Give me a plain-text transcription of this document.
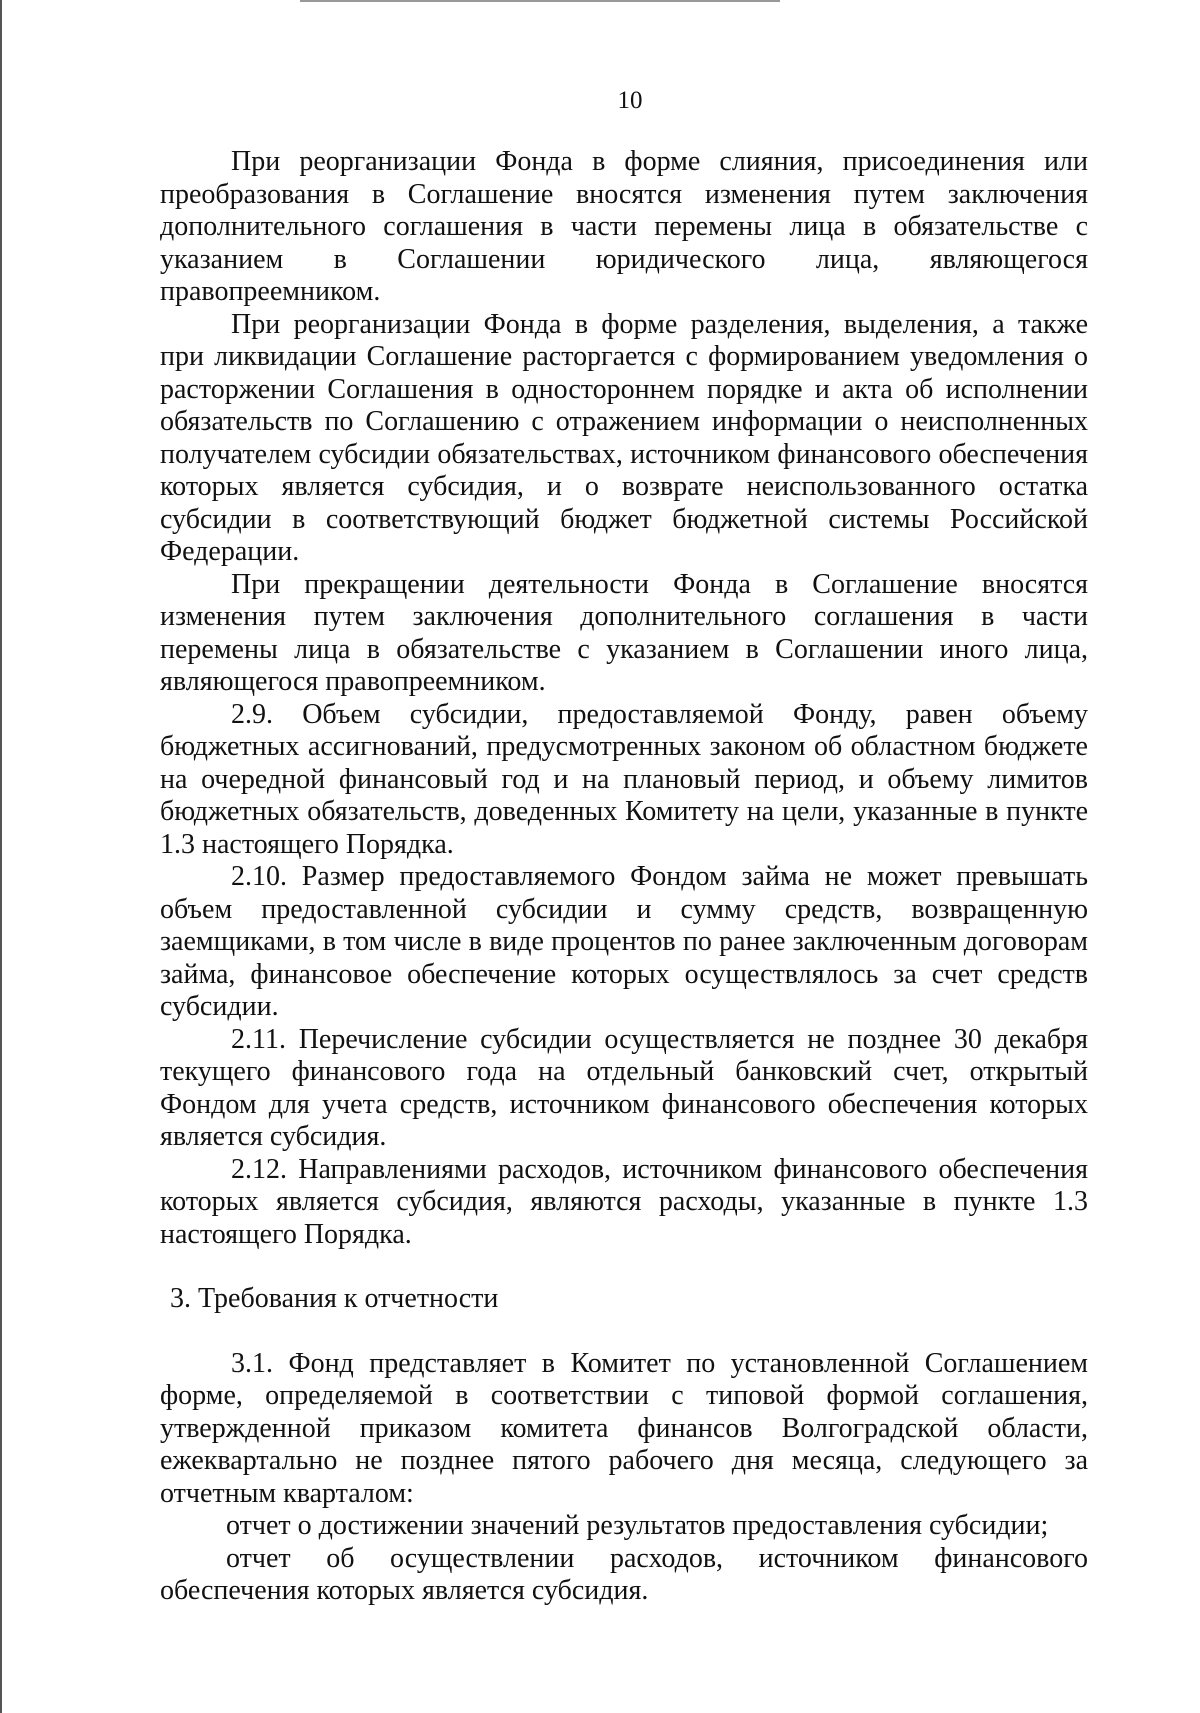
10

При реорганизации Фонда в форме слияния, присоединения или преобразования в Соглашение вносятся изменения путем заключения дополнительного соглашения в части перемены лица в обязательстве с указанием в Соглашении юридического лица, являющегося правопреемником.

При реорганизации Фонда в форме разделения, выделения, а также при ликвидации Соглашение расторгается с формированием уведомления о расторжении Соглашения в одностороннем порядке и акта об исполнении обязательств по Соглашению с отражением информации о неисполненных получателем субсидии обязательствах, источником финансового обеспечения которых является субсидия, и о возврате неиспользованного остатка субсидии в соответствующий бюджет бюджетной системы Российской Федерации.

При прекращении деятельности Фонда в Соглашение вносятся изменения путем заключения дополнительного соглашения в части перемены лица в обязательстве с указанием в Соглашении иного лица, являющегося правопреемником.

2.9. Объем субсидии, предоставляемой Фонду, равен объему бюджетных ассигнований, предусмотренных законом об областном бюджете на очередной финансовый год и на плановый период, и объему лимитов бюджетных обязательств, доведенных Комитету на цели, указанные в пункте 1.3 настоящего Порядка.

2.10. Размер предоставляемого Фондом займа не может превышать объем предоставленной субсидии и сумму средств, возвращенную заемщиками, в том числе в виде процентов по ранее заключенным договорам займа, финансовое обеспечение которых осуществлялось за счет средств субсидии.

2.11. Перечисление субсидии осуществляется не позднее 30 декабря текущего финансового года на отдельный банковский счет, открытый Фондом для учета средств, источником финансового обеспечения которых является субсидия.

2.12. Направлениями расходов, источником финансового обеспечения которых является субсидия, являются расходы, указанные в пункте 1.3 настоящего Порядка.

3. Требования к отчетности

3.1. Фонд представляет в Комитет по установленной Соглашением форме, определяемой в соответствии с типовой формой соглашения, утвержденной приказом комитета финансов Волгоградской области, ежеквартально не позднее пятого рабочего дня месяца, следующего за отчетным кварталом:

отчет о достижении значений результатов предоставления субсидии;

отчет об осуществлении расходов, источником финансового обеспечения которых является субсидия.
